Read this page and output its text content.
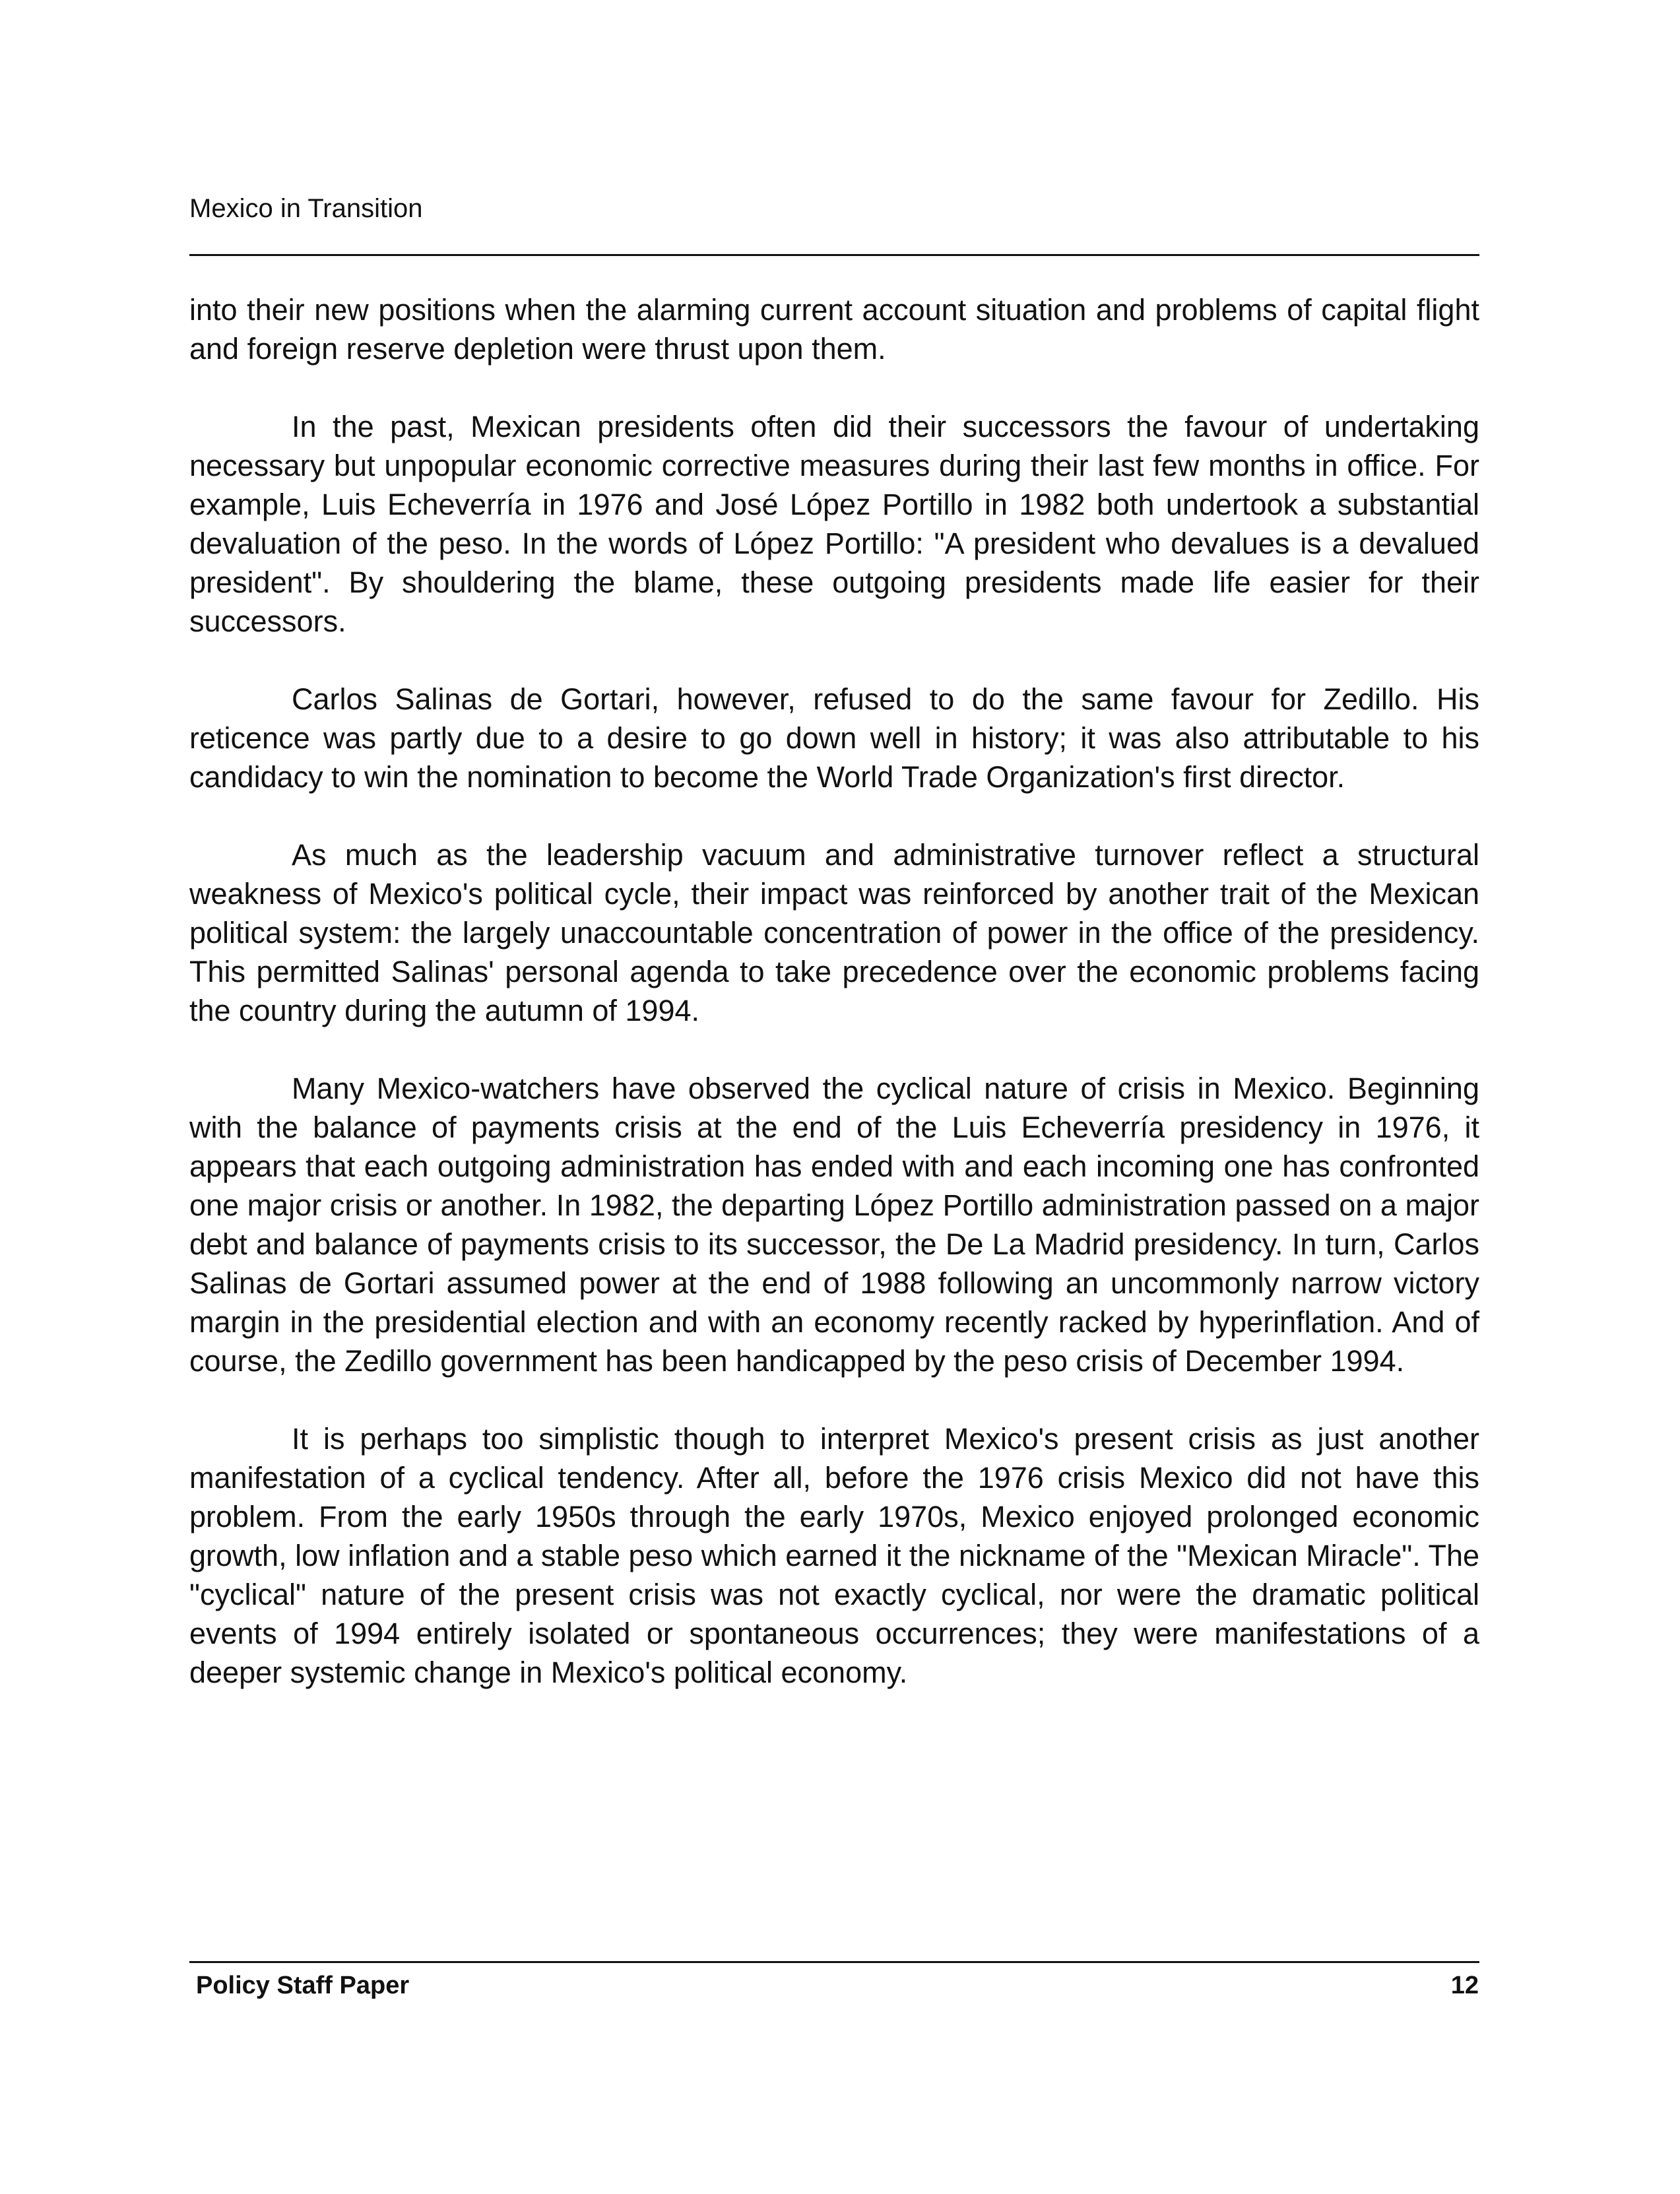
Mexico in Transition

into their new positions when the alarming current account situation and problems of capital flight and foreign reserve depletion were thrust upon them.

In the past, Mexican presidents often did their successors the favour of undertaking necessary but unpopular economic corrective measures during their last few months in office. For example, Luis Echeverría in 1976 and José López Portillo in 1982 both undertook a substantial devaluation of the peso. In the words of López Portillo: "A president who devalues is a devalued president". By shouldering the blame, these outgoing presidents made life easier for their successors.

Carlos Salinas de Gortari, however, refused to do the same favour for Zedillo. His reticence was partly due to a desire to go down well in history; it was also attributable to his candidacy to win the nomination to become the World Trade Organization's first director.

As much as the leadership vacuum and administrative turnover reflect a structural weakness of Mexico's political cycle, their impact was reinforced by another trait of the Mexican political system: the largely unaccountable concentration of power in the office of the presidency. This permitted Salinas' personal agenda to take precedence over the economic problems facing the country during the autumn of 1994.

Many Mexico-watchers have observed the cyclical nature of crisis in Mexico. Beginning with the balance of payments crisis at the end of the Luis Echeverría presidency in 1976, it appears that each outgoing administration has ended with and each incoming one has confronted one major crisis or another. In 1982, the departing López Portillo administration passed on a major debt and balance of payments crisis to its successor, the De La Madrid presidency. In turn, Carlos Salinas de Gortari assumed power at the end of 1988 following an uncommonly narrow victory margin in the presidential election and with an economy recently racked by hyperinflation. And of course, the Zedillo government has been handicapped by the peso crisis of December 1994.

It is perhaps too simplistic though to interpret Mexico's present crisis as just another manifestation of a cyclical tendency. After all, before the 1976 crisis Mexico did not have this problem. From the early 1950s through the early 1970s, Mexico enjoyed prolonged economic growth, low inflation and a stable peso which earned it the nickname of the "Mexican Miracle". The "cyclical" nature of the present crisis was not exactly cyclical, nor were the dramatic political events of 1994 entirely isolated or spontaneous occurrences; they were manifestations of a deeper systemic change in Mexico's political economy.

Policy Staff Paper	12
